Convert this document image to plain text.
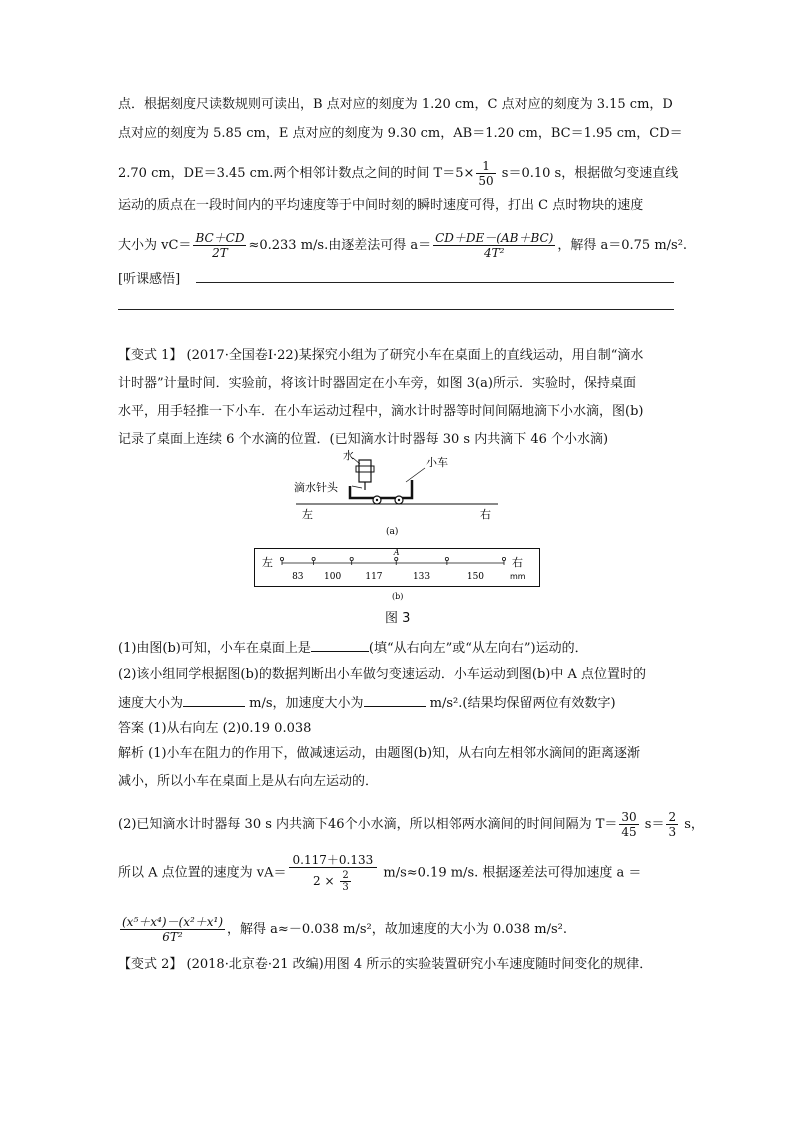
点．根据刻度尺读数规则可读出，B 点对应的刻度为 1.20 cm，C 点对应的刻度为 3.15 cm，D
点对应的刻度为 5.85 cm，E 点对应的刻度为 9.30 cm，AB＝1.20 cm，BC＝1.95 cm，CD＝
2.70 cm，DE＝3.45 cm.两个相邻计数点之间的时间 $T=5\times \frac{1}{50} s=0.10$ s，根据做匀变速直线
运动的质点在一段时间内的平均速度等于中间时刻的瞬时速度可得，打出 C 点时物块的速度
大小为 $vC= \frac{BC+CD}{2T} \approx 0.233$ m/s.由逐差法可得 $a= \frac{CD+DE-(AB+BC)}{\text{4T²}}$ ，解得 a＝0.75 m/s².
[听课感悟]
【变式 1】 (2017·全国卷Ⅰ·22)某探究小组为了研究小车在桌面上的直线运动，用自制“滴水
计时器”计量时间．实验前，将该计时器固定在小车旁，如图 3(a)所示．实验时，保持桌面
水平，用手轻推一下小车．在小车运动过程中，滴水计时器等时间间隔地滴下小水滴，图(b)
记录了桌面上连续 6 个水滴的位置．(已知滴水计时器每 30 s 内共滴下 46 个小水滴)
水
小车
滴水针头
左	右
(a)
左	右
mm
83 100	117	133	150
A
(b)
图 3
(1)由图(b)可知，小车在桌面上是	(填“从右向左”或“从左向右”)运动的．
(2)该小组同学根据图(b)的数据判断出小车做匀变速运动．小车运动到图(b)中 A 点位置时的
速度大小为	m/s，加速度大小为	m/s².(结果均保留两位有效数字)
答案 (1)从右向左 (2)0.19 0.038
解析 (1)小车在阻力的作用下，做减速运动，由题图(b)知，从右向左相邻水滴间的距离逐渐
减小，所以小车在桌面上是从右向左运动的．
(2)已知滴水计时器每 30 s 内共滴下46个小水滴，所以相邻两水滴间的时间间隔为 $T= \frac{30}{45} s= \frac{2}{3}$ s，
所以 A 点位置的速度为 $vA= \frac{0.117+0.133}{2 \times \frac{2}{3}} m/s\approx 0.19$ m/s. 根据逐差法可得加速度 a ＝
$\frac{\text{(x⁵＋x⁴)－(x²＋x¹)}}{\text{6T²}}$ ，解得 a≈－0.038 m/s²，故加速度的大小为 0.038 m/s².
【变式 2】 (2018·北京卷·21 改编)用图 4 所示的实验装置研究小车速度随时间变化的规律．
